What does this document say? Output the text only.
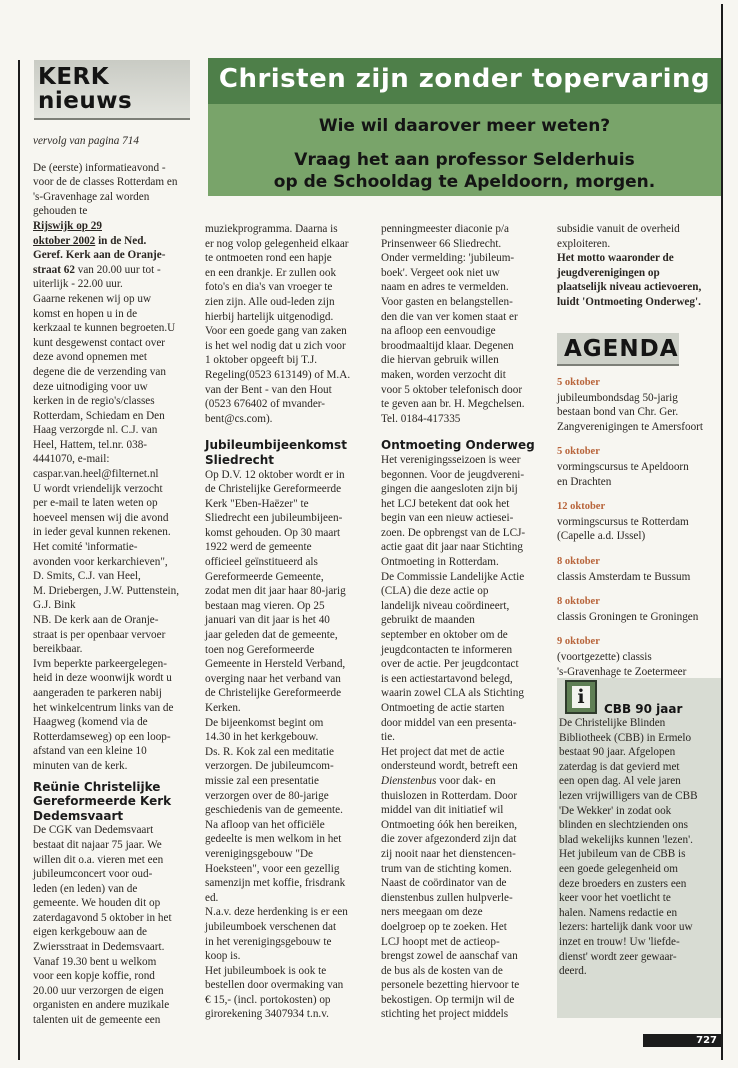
KERK
nieuws
Christen zijn zonder topervaring
Wie wil daarover meer weten?
Vraag het aan professor Selderhuis
op de Schooldag te Apeldoorn, morgen.
vervolg van pagina 714
De (eerste) informatieavond -
voor de de classes Rotterdam en
's-Gravenhage zal worden
gehouden te
Rijswijk op 29
oktober 2002 in de Ned.
Geref. Kerk aan de Oranje-
straat 62 van 20.00 uur tot -
uiterlijk - 22.00 uur.
Gaarne rekenen wij op uw
komst en hopen u in de
kerkzaal te kunnen begroeten.U
kunt desgewenst contact over
deze avond opnemen met
degene die de verzending van
deze uitnodiging voor uw
kerken in de regio's/classes
Rotterdam, Schiedam en Den
Haag verzorgde nl. C.J. van
Heel, Hattem, tel.nr. 038-
4441070, e-mail:
caspar.van.heel@filternet.nl
U wordt vriendelijk verzocht
per e-mail te laten weten op
hoeveel mensen wij die avond
in ieder geval kunnen rekenen.
Het comité 'informatie-
avonden voor kerkarchieven",
D. Smits, C.J. van Heel,
M. Driebergen, J.W. Puttenstein,
G.J. Bink
NB. De kerk aan de Oranje-
straat is per openbaar vervoer
bereikbaar.
Ivm beperkte parkeergelegen-
heid in deze woonwijk wordt u
aangeraden te parkeren nabij
het winkelcentrum links van de
Haagweg (komend via de
Rotterdamseweg) op een loop-
afstand van een kleine 10
minuten van de kerk.
Reünie Christelijke
Gereformeerde Kerk
Dedemsvaart
De CGK van Dedemsvaart
bestaat dit najaar 75 jaar. We
willen dit o.a. vieren met een
jubileumconcert voor oud-
leden (en leden) van de
gemeente. We houden dit op
zaterdagavond 5 oktober in het
eigen kerkgebouw aan de
Zwiersstraat in Dedemsvaart.
Vanaf 19.30 bent u welkom
voor een kopje koffie, rond
20.00 uur verzorgen de eigen
organisten en andere muzikale
talenten uit de gemeente een
muziekprogramma. Daarna is
er nog volop gelegenheid elkaar
te ontmoeten rond een hapje
en een drankje. Er zullen ook
foto's en dia's van vroeger te
zien zijn. Alle oud-leden zijn
hierbij hartelijk uitgenodigd.
Voor een goede gang van zaken
is het wel nodig dat u zich voor
1 oktober opgeeft bij T.J.
Regeling(0523 613149) of M.A.
van der Bent - van den Hout
(0523 676402 of mvander-
bent@cs.com).
Jubileumbijeenkomst
Sliedrecht
Op D.V. 12 oktober wordt er in
de Christelijke Gereformeerde
Kerk "Eben-Haëzer" te
Sliedrecht een jubileumbijeen-
komst gehouden. Op 30 maart
1922 werd de gemeente
officieel geïnstitueerd als
Gereformeerde Gemeente,
zodat men dit jaar haar 80-jarig
bestaan mag vieren. Op 25
januari van dit jaar is het 40
jaar geleden dat de gemeente,
toen nog Gereformeerde
Gemeente in Hersteld Verband,
overging naar het verband van
de Christelijke Gereformeerde
Kerken.
De bijeenkomst begint om
14.30 in het kerkgebouw.
Ds. R. Kok zal een meditatie
verzorgen. De jubileumcom-
missie zal een presentatie
verzorgen over de 80-jarige
geschiedenis van de gemeente.
Na afloop van het officiële
gedeelte is men welkom in het
verenigingsgebouw "De
Hoeksteen", voor een gezellig
samenzijn met koffie, frisdrank
ed.
N.a.v. deze herdenking is er een
jubileumboek verschenen dat
in het verenigingsgebouw te
koop is.
Het jubileumboek is ook te
bestellen door overmaking van
€ 15,- (incl. portokosten) op
girorekening 3407934 t.n.v.
penningmeester diaconie p/a
Prinsenweer 66 Sliedrecht.
Onder vermelding: 'jubileum-
boek'. Vergeet ook niet uw
naam en adres te vermelden.
Voor gasten en belangstellen-
den die van ver komen staat er
na afloop een eenvoudige
broodmaaltijd klaar. Degenen
die hiervan gebruik willen
maken, worden verzocht dit
voor 5 oktober telefonisch door
te geven aan br. H. Megchelsen.
Tel. 0184-417335
Ontmoeting Onderweg
Het verenigingsseizoen is weer
begonnen. Voor de jeugdvereni-
gingen die aangesloten zijn bij
het LCJ betekent dat ook het
begin van een nieuw actiesei-
zoen. De opbrengst van de LCJ-
actie gaat dit jaar naar Stichting
Ontmoeting in Rotterdam.
De Commissie Landelijke Actie
(CLA) die deze actie op
landelijk niveau coördineert,
gebruikt de maanden
september en oktober om de
jeugdcontacten te informeren
over de actie. Per jeugdcontact
is een actiestartavond belegd,
waarin zowel CLA als Stichting
Ontmoeting de actie starten
door middel van een presenta-
tie.
Het project dat met de actie
ondersteund wordt, betreft een
Dienstenbus voor dak- en
thuislozen in Rotterdam. Door
middel van dit initiatief wil
Ontmoeting óók hen bereiken,
die zover afgezonderd zijn dat
zij nooit naar het dienstencen-
trum van de stichting komen.
Naast de coördinator van de
dienstenbus zullen hulpverle-
ners meegaan om deze
doelgroep op te zoeken. Het
LCJ hoopt met de actieop-
brengst zowel de aanschaf van
de bus als de kosten van de
personele bezetting hiervoor te
bekostigen. Op termijn wil de
stichting het project middels
subsidie vanuit de overheid
exploiteren.
Het motto waaronder de
jeugdverenigingen op
plaatselijk niveau actievoeren,
luidt 'Ontmoeting Onderweg'.
AGENDA
5 oktober
jubileumbondsdag 50-jarig
bestaan bond van Chr. Ger.
Zangverenigingen te Amersfoort
5 oktober
vormingscursus te Apeldoorn
en Drachten
12 oktober
vormingscursus te Rotterdam
(Capelle a.d. IJssel)
8 oktober
classis Amsterdam te Bussum
8 oktober
classis Groningen te Groningen
9 oktober
(voortgezette) classis
's-Gravenhage te Zoetermeer
i
CBB 90 jaar
De Christelijke Blinden
Bibliotheek (CBB) in Ermelo
bestaat 90 jaar. Afgelopen
zaterdag is dat gevierd met
een open dag. Al vele jaren
lezen vrijwilligers van de CBB
'De Wekker' in zodat ook
blinden en slechtzienden ons
blad wekelijks kunnen 'lezen'.
Het jubileum van de CBB is
een goede gelegenheid om
deze broeders en zusters een
keer voor het voetlicht te
halen. Namens redactie en
lezers: hartelijk dank voor uw
inzet en trouw! Uw 'liefde-
dienst' wordt zeer gewaar-
deerd.
727
